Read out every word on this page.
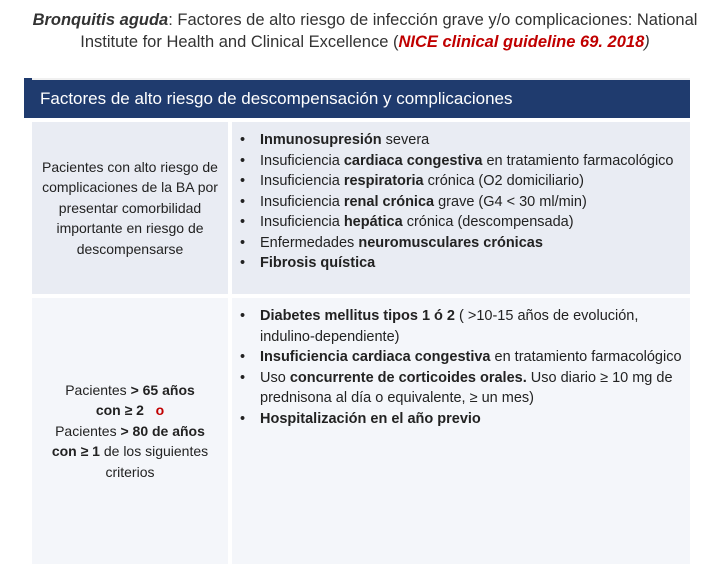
Bronquitis aguda: Factores de alto riesgo de infección grave y/o complicaciones: National Institute for Health and Clinical Excellence (NICE clinical guideline 69. 2018)
Factores de alto riesgo de descompensación y complicaciones
Pacientes con alto riesgo de complicaciones de la BA por presentar comorbilidad importante en riesgo de descompensarse
• Inmunosupresión severa
• Insuficiencia cardiaca congestiva en tratamiento farmacológico
• Insuficiencia respiratoria crónica (O2 domiciliario)
• Insuficiencia renal crónica grave (G4 < 30 ml/min)
• Insuficiencia hepática crónica (descompensada)
• Enfermedades neuromusculares crónicas
• Fibrosis quística
Pacientes > 65 años
con ≥ 2 o
Pacientes > 80 de años
con ≥ 1 de los siguientes criterios
• Diabetes mellitus tipos 1 ó 2 ( >10-15 años de evolución, indulino-dependiente)
• Insuficiencia cardiaca congestiva en tratamiento farmacológico
• Uso concurrente de corticoides orales. Uso diario ≥ 10 mg de prednisona al día o equivalente, ≥ un mes)
• Hospitalización en el año previo
